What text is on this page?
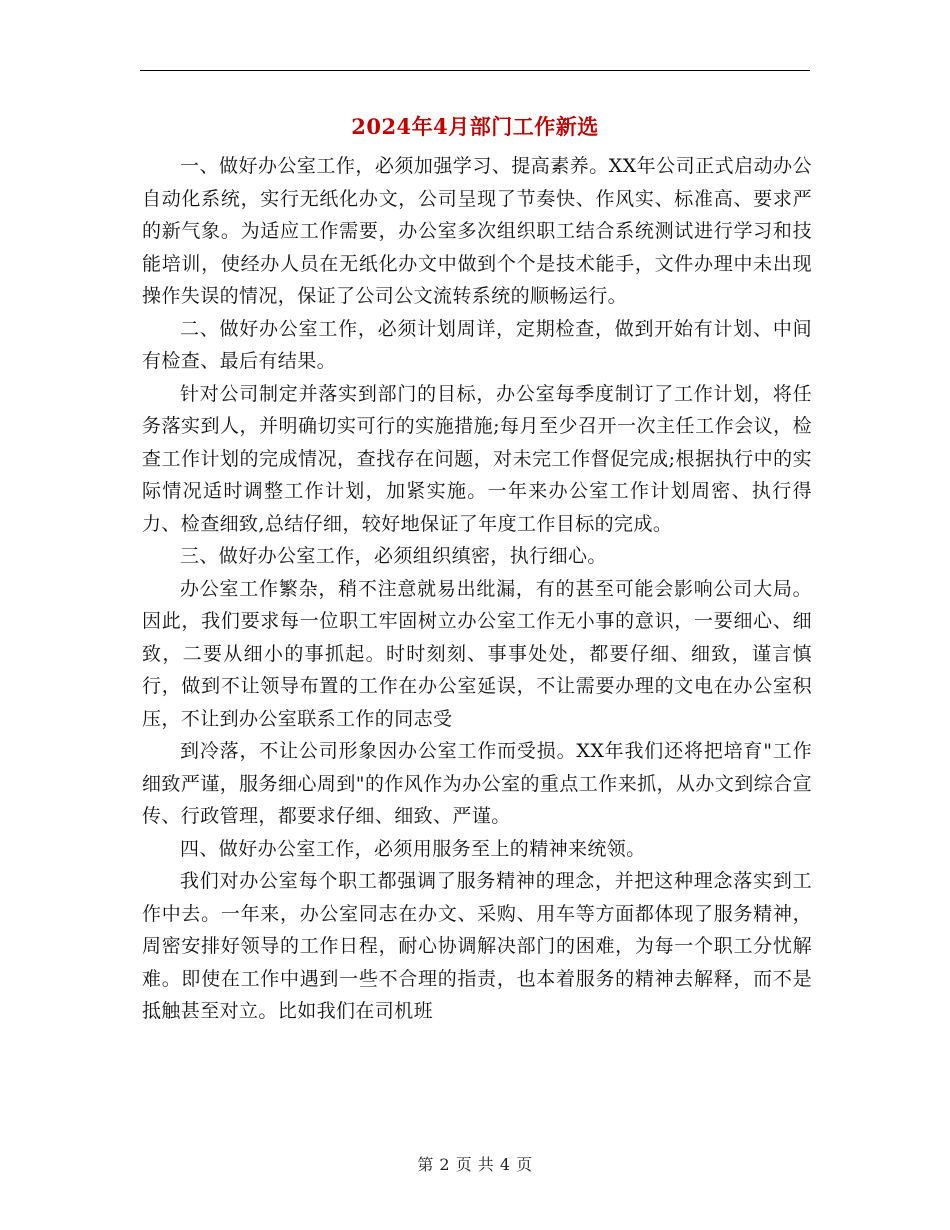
2024年4月部门工作新选

一、做好办公室工作，必须加强学习、提高素养。XX年公司正式启动办公自动化系统，实行无纸化办文，公司呈现了节奏快、作风实、标准高、要求严的新气象。为适应工作需要，办公室多次组织职工结合系统测试进行学习和技能培训，使经办人员在无纸化办文中做到个个是技术能手，文件办理中未出现操作失误的情况，保证了公司公文流转系统的顺畅运行。

二、做好办公室工作，必须计划周详，定期检查，做到开始有计划、中间有检查、最后有结果。

针对公司制定并落实到部门的目标，办公室每季度制订了工作计划，将任务落实到人，并明确切实可行的实施措施;每月至少召开一次主任工作会议，检查工作计划的完成情况，查找存在问题，对未完工作督促完成;根据执行中的实际情况适时调整工作计划，加紧实施。一年来办公室工作计划周密、执行得力、检查细致,总结仔细，较好地保证了年度工作目标的完成。

三、做好办公室工作，必须组织缜密，执行细心。

办公室工作繁杂，稍不注意就易出纰漏，有的甚至可能会影响公司大局。因此，我们要求每一位职工牢固树立办公室工作无小事的意识，一要细心、细致，二要从细小的事抓起。时时刻刻、事事处处，都要仔细、细致，谨言慎行，做到不让领导布置的工作在办公室延误，不让需要办理的文电在办公室积压，不让到办公室联系工作的同志受

到冷落，不让公司形象因办公室工作而受损。XX年我们还将把培育"工作细致严谨，服务细心周到"的作风作为办公室的重点工作来抓，从办文到综合宣传、行政管理，都要求仔细、细致、严谨。

四、做好办公室工作，必须用服务至上的精神来统领。

我们对办公室每个职工都强调了服务精神的理念，并把这种理念落实到工作中去。一年来，办公室同志在办文、采购、用车等方面都体现了服务精神，周密安排好领导的工作日程，耐心协调解决部门的困难，为每一个职工分忧解难。即使在工作中遇到一些不合理的指责，也本着服务的精神去解释，而不是抵触甚至对立。比如我们在司机班

第 2 页 共 4 页
